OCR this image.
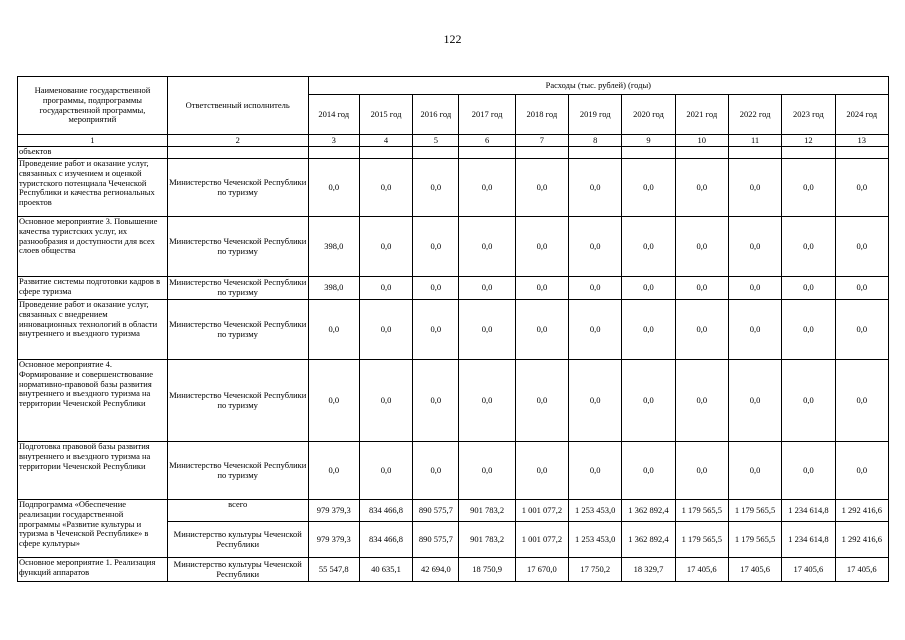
122
Наименование государственной программы, подпрограммы государственной программы, мероприятий	Ответственный исполнитель	Расходы (тыс. рублей) (годы)										
		2014 год	2015 год	2016 год	2017 год	2018 год	2019 год	2020 год	2021 год	2022 год	2023 год	2024 год
1	2	3	4	5	6	7	8	9	10	11	12	13
объектов												
Проведение работ и оказание услуг, связанных с изучением и оценкой туристского потенциала Чеченской Республики и качества региональных проектов	Министерство Чеченской Республики по туризму	0,0	0,0	0,0	0,0	0,0	0,0	0,0	0,0	0,0	0,0	0,0
Основное мероприятие 3. Повышение качества туристских услуг, их разнообразия и доступности для всех слоев общества	Министерство Чеченской Республики по туризму	398,0	0,0	0,0	0,0	0,0	0,0	0,0	0,0	0,0	0,0	0,0
Развитие системы подготовки кадров в сфере туризма	Министерство Чеченской Республики по туризму	398,0	0,0	0,0	0,0	0,0	0,0	0,0	0,0	0,0	0,0	0,0
Проведение работ и оказание услуг, связанных с внедрением инновационных технологий в области внутреннего и въездного туризма	Министерство Чеченской Республики по туризму	0,0	0,0	0,0	0,0	0,0	0,0	0,0	0,0	0,0	0,0	0,0
Основное мероприятие 4. Формирование и совершенствование нормативно-правовой базы развития внутреннего и въездного туризма на территории Чеченской Республики	Министерство Чеченской Республики по туризму	0,0	0,0	0,0	0,0	0,0	0,0	0,0	0,0	0,0	0,0	0,0
Подготовка правовой базы развития внутреннего и въездного туризма на территории Чеченской Республики	Министерство Чеченской Республики по туризму	0,0	0,0	0,0	0,0	0,0	0,0	0,0	0,0	0,0	0,0	0,0
Подпрограмма «Обеспечение реализации государственной программы «Развитие культуры и туризма в Чеченской Республике» в сфере культуры»	всего	979 379,3	834 466,8	890 575,7	901 783,2	1 001 077,2	1 253 453,0	1 362 892,4	1 179 565,5	1 179 565,5	1 234 614,8	1 292 416,6
	Министерство культуры Чеченской Республики	979 379,3	834 466,8	890 575,7	901 783,2	1 001 077,2	1 253 453,0	1 362 892,4	1 179 565,5	1 179 565,5	1 234 614,8	1 292 416,6
Основное мероприятие 1. Реализация функций аппаратов	Министерство культуры Чеченской Республики	55 547,8	40 635,1	42 694,0	18 750,9	17 670,0	17 750,2	18 329,7	17 405,6	17 405,6	17 405,6	17 405,6
